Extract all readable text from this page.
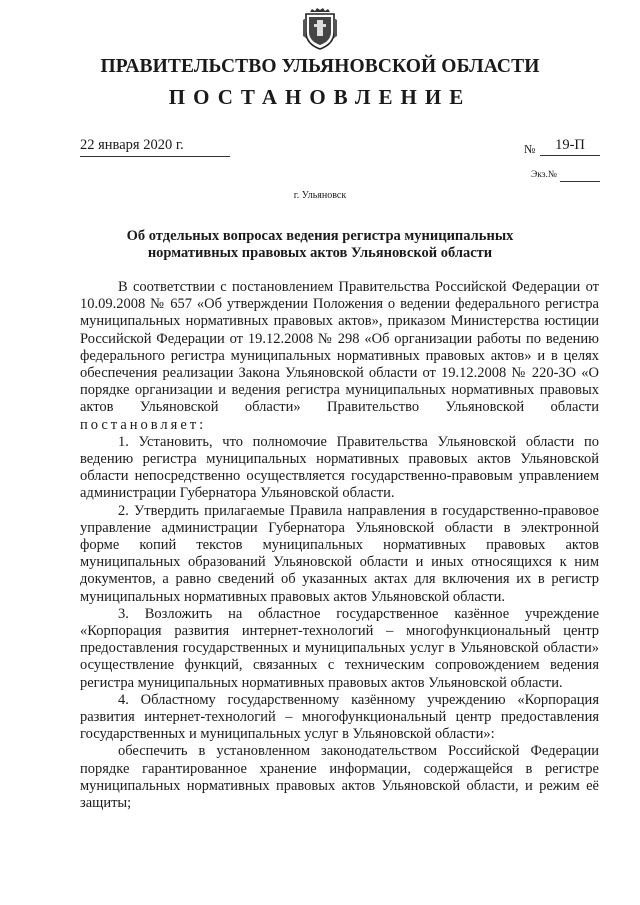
ПРАВИТЕЛЬСТВО УЛЬЯНОВСКОЙ ОБЛАСТИ
ПОСТАНОВЛЕНИЕ
22 января 2020 г.	№	19-П
Экз.№
г. Ульяновск
Об отдельных вопросах ведения регистра муниципальных нормативных правовых актов Ульяновской области

В соответствии с постановлением Правительства Российской Федерации от 10.09.2008 № 657 «Об утверждении Положения о ведении федерального регистра муниципальных нормативных правовых актов», приказом Министерства юстиции Российской Федерации от 19.12.2008 № 298 «Об организации работы по ведению федерального регистра муниципальных нормативных правовых актов» и в целях обеспечения реализации Закона Ульяновской области от 19.12.2008 № 220-ЗО «О порядке организации и ведения регистра муниципальных нормативных правовых актов Ульяновской области» Правительство Ульяновской области постановляет:

1. Установить, что полномочие Правительства Ульяновской области по ведению регистра муниципальных нормативных правовых актов Ульяновской области непосредственно осуществляется государственно-правовым управлением администрации Губернатора Ульяновской области.

2. Утвердить прилагаемые Правила направления в государственно-правовое управление администрации Губернатора Ульяновской области в электронной форме копий текстов муниципальных нормативных правовых актов муниципальных образований Ульяновской области и иных относящихся к ним документов, а равно сведений об указанных актах для включения их в регистр муниципальных нормативных правовых актов Ульяновской области.

3. Возложить на областное государственное казённое учреждение «Корпорация развития интернет-технологий – многофункциональный центр предоставления государственных и муниципальных услуг в Ульяновской области» осуществление функций, связанных с техническим сопровождением ведения регистра муниципальных нормативных правовых актов Ульяновской области.

4. Областному государственному казённому учреждению «Корпорация развития интернет-технологий – многофункциональный центр предоставления государственных и муниципальных услуг в Ульяновской области»:

обеспечить в установленном законодательством Российской Федерации порядке гарантированное хранение информации, содержащейся в регистре муниципальных нормативных правовых актов Ульяновской области, и режим её защиты;
